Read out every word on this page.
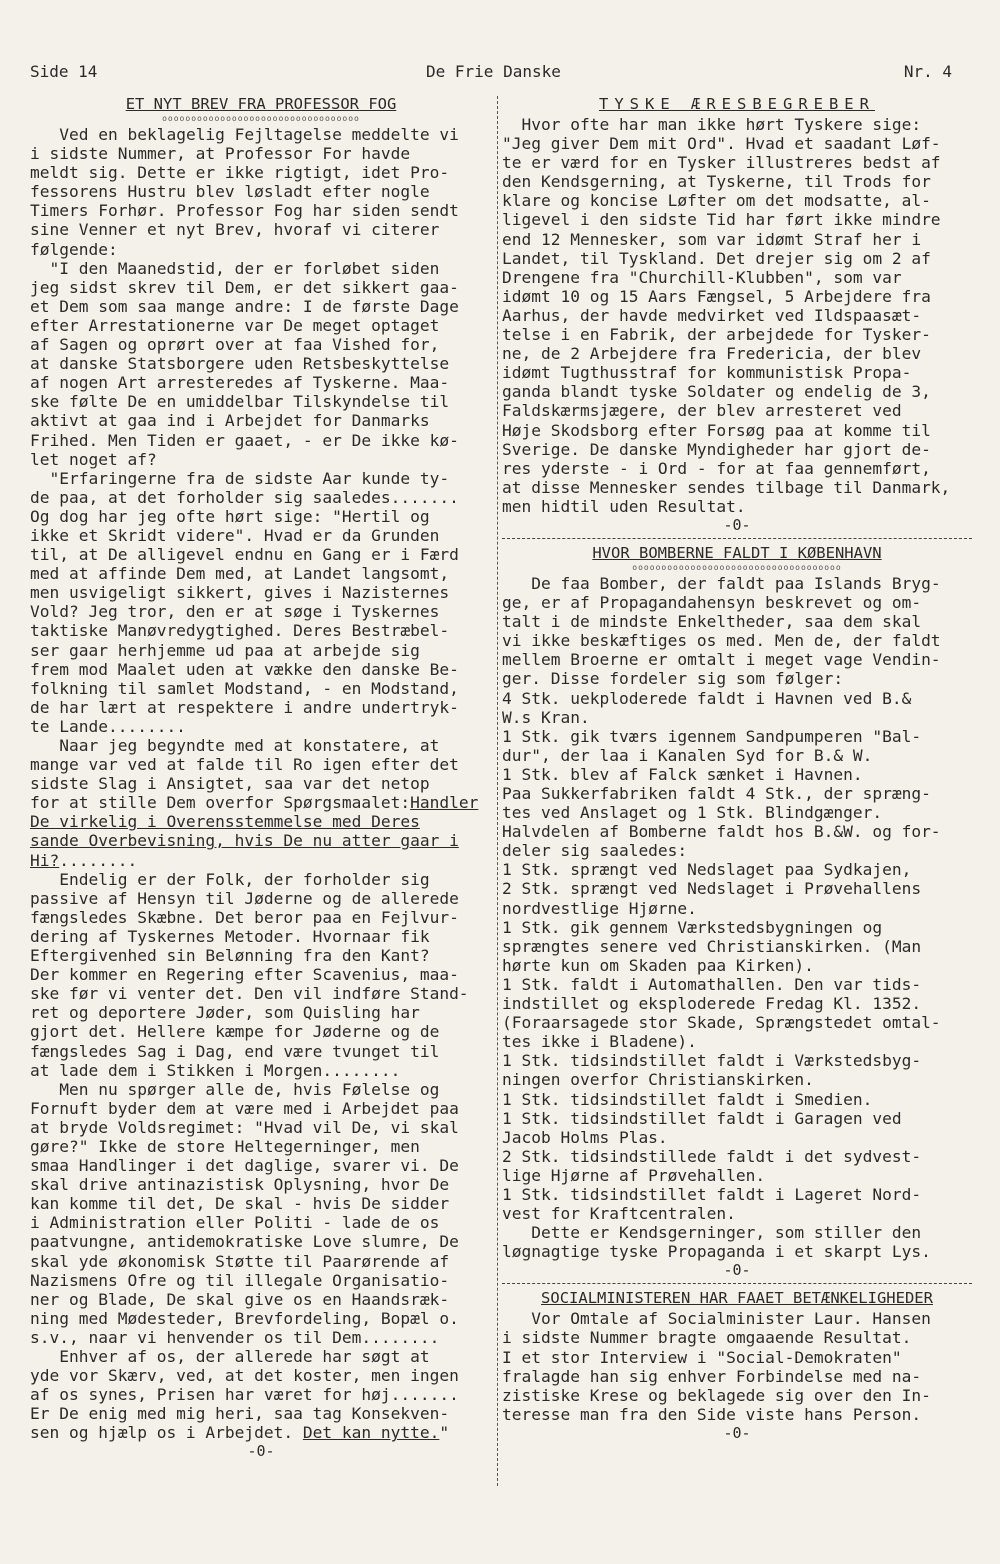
Side 14	De Frie Danske	Nr. 4
ET NYT BREV FRA PROFESSOR FOG
oooooooooooooooooooooooooooooooooo

Ved en beklagelig Fejltagelse meddelte vi
i sidste Nummer, at Professor For havde
meldt sig. Dette er ikke rigtigt, idet Pro-
fessorens Hustru blev løsladt efter nogle
Timers Forhør. Professor Fog har siden sendt
sine Venner et nyt Brev, hvoraf vi citerer
følgende:

"I den Maanedstid, der er forløbet siden
jeg sidst skrev til Dem, er det sikkert gaa-
et Dem som saa mange andre: I de første Dage
efter Arrestationerne var De meget optaget
af Sagen og oprørt over at faa Vished for,
at danske Statsborgere uden Retsbeskyttelse
af nogen Art arresteredes af Tyskerne. Maa-
ske følte De en umiddelbar Tilskyndelse til
aktivt at gaa ind i Arbejdet for Danmarks
Frihed. Men Tiden er gaaet, - er De ikke kø-
let noget af?

"Erfaringerne fra de sidste Aar kunde ty-
de paa, at det forholder sig saaledes.......
Og dog har jeg ofte hørt sige: "Hertil og
ikke et Skridt videre". Hvad er da Grunden
til, at De alligevel endnu en Gang er i Færd
med at affinde Dem med, at Landet langsomt,
men usvigeligt sikkert, gives i Nazisternes
Vold? Jeg tror, den er at søge i Tyskernes
taktiske Manøvredygtighed. Deres Bestræbel-
ser gaar herhjemme ud paa at arbejde sig
frem mod Maalet uden at vække den danske Be-
folkning til samlet Modstand, - en Modstand,
de har lært at respektere i andre undertryk-
te Lande........

Naar jeg begyndte med at konstatere, at
mange var ved at falde til Ro igen efter det
sidste Slag i Ansigtet, saa var det netop
for at stille Dem overfor Spørgsmaalet:Handler
De virkelig i Overensstemmelse med Deres
sande Overbevisning, hvis De nu atter gaar i
Hi?........

Endelig er der Folk, der forholder sig
passive af Hensyn til Jøderne og de allerede
fængsledes Skæbne. Det beror paa en Fejlvur-
dering af Tyskernes Metoder. Hvornaar fik
Eftergivenhed sin Belønning fra den Kant?
Der kommer en Regering efter Scavenius, maa-
ske før vi venter det. Den vil indføre Stand-
ret og deportere Jøder, som Quisling har
gjort det. Hellere kæmpe for Jøderne og de
fængsledes Sag i Dag, end være tvunget til
at lade dem i Stikken i Morgen........

Men nu spørger alle de, hvis Følelse og
Fornuft byder dem at være med i Arbejdet paa
at bryde Voldsregimet: "Hvad vil De, vi skal
gøre?" Ikke de store Heltegerninger, men
smaa Handlinger i det daglige, svarer vi. De
skal drive antinazistisk Oplysning, hvor De
kan komme til det, De skal - hvis De sidder
i Administration eller Politi - lade de os
paatvungne, antidemokratiske Love slumre, De
skal yde økonomisk Støtte til Paarørende af
Nazismens Ofre og til illegale Organisatio-
ner og Blade, De skal give os en Haandsræk-
ning med Mødesteder, Brevfordeling, Bopæl o.
s.v., naar vi henvender os til Dem........

Enhver af os, der allerede har søgt at
yde vor Skærv, ved, at det koster, men ingen
af os synes, Prisen har været for høj.......
Er De enig med mig heri, saa tag Konsekven-
sen og hjælp os i Arbejdet. Det kan nytte."

-0-

TYSKE ÆRESBEGREBER

Hvor ofte har man ikke hørt Tyskere sige:
"Jeg giver Dem mit Ord". Hvad et saadant Løf-
te er værd for en Tysker illustreres bedst af
den Kendsgerning, at Tyskerne, til Trods for
klare og koncise Løfter om det modsatte, al-
ligevel i den sidste Tid har ført ikke mindre
end 12 Mennesker, som var idømt Straf her i
Landet, til Tyskland. Det drejer sig om 2 af
Drengene fra "Churchill-Klubben", som var
idømt 10 og 15 Aars Fængsel, 5 Arbejdere fra
Aarhus, der havde medvirket ved Ildspaasæt-
telse i en Fabrik, der arbejdede for Tysker-
ne, de 2 Arbejdere fra Fredericia, der blev
idømt Tugthusstraf for kommunistisk Propa-
ganda blandt tyske Soldater og endelig de 3,
Faldskærmsjægere, der blev arresteret ved
Høje Skodsborg efter Forsøg paa at komme til
Sverige. De danske Myndigheder har gjort de-
res yderste - i Ord - for at faa gennemført,
at disse Mennesker sendes tilbage til Danmark,
men hidtil uden Resultat.

-0-

HVOR BOMBERNE FALDT I KØBENHAVN
oooooooooooooooooooooooooooooooooooo

De faa Bomber, der faldt paa Islands Bryg-
ge, er af Propagandahensyn beskrevet og om-
talt i de mindste Enkeltheder, saa dem skal
vi ikke beskæftiges os med. Men de, der faldt
mellem Broerne er omtalt i meget vage Vendin-
ger. Disse fordeler sig som følger:
4 Stk. uekploderede faldt i Havnen ved B.&
W.s Kran.
1 Stk. gik tværs igennem Sandpumperen "Bal-
dur", der laa i Kanalen Syd for B.& W.
1 Stk. blev af Falck sænket i Havnen.
Paa Sukkerfabriken faldt 4 Stk., der spræng-
tes ved Anslaget og 1 Stk. Blindgænger.
Halvdelen af Bomberne faldt hos B.&W. og for-
deler sig saaledes:
1 Stk. sprængt ved Nedslaget paa Sydkajen,
2 Stk. sprængt ved Nedslaget i Prøvehallens
nordvestlige Hjørne.
1 Stk. gik gennem Værkstedsbygningen og
sprængtes senere ved Christianskirken. (Man
hørte kun om Skaden paa Kirken).
1 Stk. faldt i Automathallen. Den var tids-
indstillet og eksploderede Fredag Kl. 1352.
(Foraarsagede stor Skade, Sprængstedet omtal-
tes ikke i Bladene).
1 Stk. tidsindstillet faldt i Værkstedsbyg-
ningen overfor Christianskirken.
1 Stk. tidsindstillet faldt i Smedien.
1 Stk. tidsindstillet faldt i Garagen ved
Jacob Holms Plas.
2 Stk. tidsindstillede faldt i det sydvest-
lige Hjørne af Prøvehallen.
1 Stk. tidsindstillet faldt i Lageret Nord-
vest for Kraftcentralen.
Dette er Kendsgerninger, som stiller den
løgnagtige tyske Propaganda i et skarpt Lys.

-0-

SOCIALMINISTEREN HAR FAAET BETÆNKELIGHEDER

Vor Omtale af Socialminister Laur. Hansen
i sidste Nummer bragte omgaaende Resultat.
I et stor Interview i "Social-Demokraten"
fralagde han sig enhver Forbindelse med na-
zistiske Krese og beklagede sig over den In-
teresse man fra den Side viste hans Person.

-0-
